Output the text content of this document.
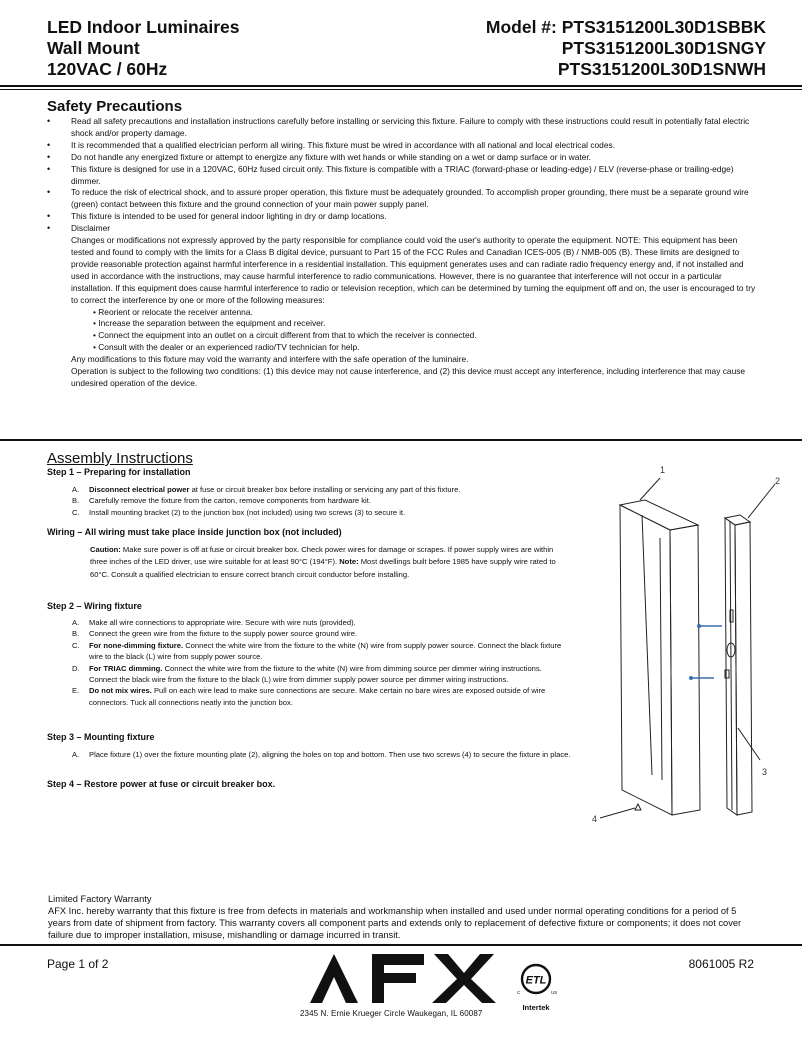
LED Indoor Luminaires
Wall Mount
120VAC / 60Hz
Model #: PTS3151200L30D1SBBK
PTS3151200L30D1SNGY
PTS3151200L30D1SNWH
Safety Precautions
• Read all safety precautions and installation instructions carefully before installing or servicing this fixture. Failure to comply with these instructions could result in potentially fatal electric shock and/or property damage.
• It is recommended that a qualified electrician perform all wiring. This fixture must be wired in accordance with all national and local electrical codes.
• Do not handle any energized fixture or attempt to energize any fixture with wet hands or while standing on a wet or damp surface or in water.
• This fixture is designed for use in a 120VAC, 60Hz fused circuit only. This fixture is compatible with a TRIAC (forward-phase or leading-edge) / ELV (reverse-phase or trailing-edge) dimmer.
• To reduce the risk of electrical shock, and to assure proper operation, this fixture must be adequately grounded. To accomplish proper grounding, there must be a separate ground wire (green) contact between this fixture and the ground connection of your main power supply panel.
• This fixture is intended to be used for general indoor lighting in dry or damp locations.
• Disclaimer
Changes or modifications not expressly approved by the party responsible for compliance could void the user's authority to operate the equipment. NOTE: This equipment has been tested and found to comply with the limits for a Class B digital device, pursuant to Part 15 of the FCC Rules and Canadian ICES-005 (B) / NMB-005 (B). These limits are designed to provide reasonable protection against harmful interference in a residential installation. This equipment generates uses and can radiate radio frequency energy and, if not installed and used in accordance with the instructions, may cause harmful interference to radio communications. However, there is no guarantee that interference will not occur in a particular installation. If this equipment does cause harmful interference to radio or television reception, which can be determined by turning the equipment off and on, the user is encouraged to try to correct the interference by one or more of the following measures:
• Reorient or relocate the receiver antenna.
• Increase the separation between the equipment and receiver.
• Connect the equipment into an outlet on a circuit different from that to which the receiver is connected.
• Consult with the dealer or an experienced radio/TV technician for help.
Any modifications to this fixture may void the warranty and interfere with the safe operation of the luminaire.
Operation is subject to the following two conditions: (1) this device may not cause interference, and (2) this device must accept any interference, including interference that may cause undesired operation of the device.
Assembly Instructions
Step 1 – Preparing for installation
A. Disconnect electrical power at fuse or circuit breaker box before installing or servicing any part of this fixture.
B. Carefully remove the fixture from the carton, remove components from hardware kit.
C. Install mounting bracket (2) to the junction box (not included) using two screws (3) to secure it.
Wiring – All wiring must take place inside junction box (not included)
Caution: Make sure power is off at fuse or circuit breaker box. Check power wires for damage or scrapes. If power supply wires are within three inches of the LED driver, use wire suitable for at least 90°C (194°F). Note: Most dwellings built before 1985 have supply wire rated to 60°C. Consult a qualified electrician to ensure correct branch circuit conductor before installing.
Step 2 – Wiring fixture
A. Make all wire connections to appropriate wire. Secure with wire nuts (provided).
B. Connect the green wire from the fixture to the supply power source ground wire.
C. For none-dimming fixture. Connect the white wire from the fixture to the white (N) wire from supply power source. Connect the black fixture wire to the black (L) wire from supply power source.
D. For TRIAC dimming. Connect the white wire from the fixture to the white (N) wire from dimming source per dimmer wiring instructions. Connect the black wire from the fixture to the black (L) wire from dimmer supply power source per dimmer wiring instructions.
E. Do not mix wires. Pull on each wire lead to make sure connections are secure. Make certain no bare wires are exposed outside of wire connectors. Tuck all connections neatly into the junction box.
Step 3 – Mounting fixture
A. Place fixture (1) over the fixture mounting plate (2), aligning the holes on top and bottom. Then use two screws (4) to secure the fixture in place.
Step 4 – Restore power at fuse or circuit breaker box.
1
2
3
4
Limited Factory Warranty
AFX Inc. hereby warranty that this fixture is free from defects in materials and workmanship when installed and used under normal operating conditions for a period of 5 years from date of shipment from factory. This warranty covers all component parts and extends only to replacement of defective fixture or components; it does not cover failure due to improper installation, misuse, mishandling or damage incurred in transit.
Page 1 of 2	8061005 R2
ETL
C	US
Intertek
2345 N. Ernie Krueger Circle Waukegan, IL 60087
